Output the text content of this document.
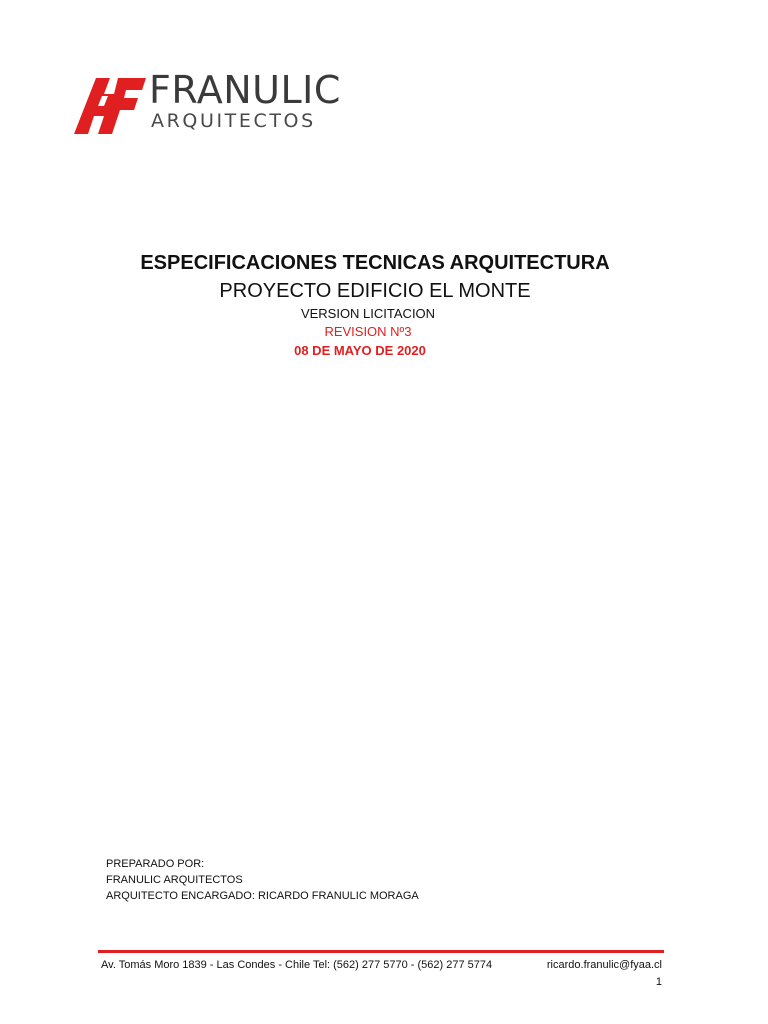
FRANULIC
ARQUITECTOS
ESPECIFICACIONES TECNICAS ARQUITECTURA
PROYECTO EDIFICIO EL MONTE
VERSION LICITACION
REVISION Nº3
08 DE MAYO DE 2020
PREPARADO POR:
FRANULIC ARQUITECTOS
ARQUITECTO ENCARGADO: RICARDO FRANULIC MORAGA
Av. Tomás Moro 1839 - Las Condes - Chile Tel: (562) 277 5770 - (562) 277 5774	ricardo.franulic@fyaa.cl
1
